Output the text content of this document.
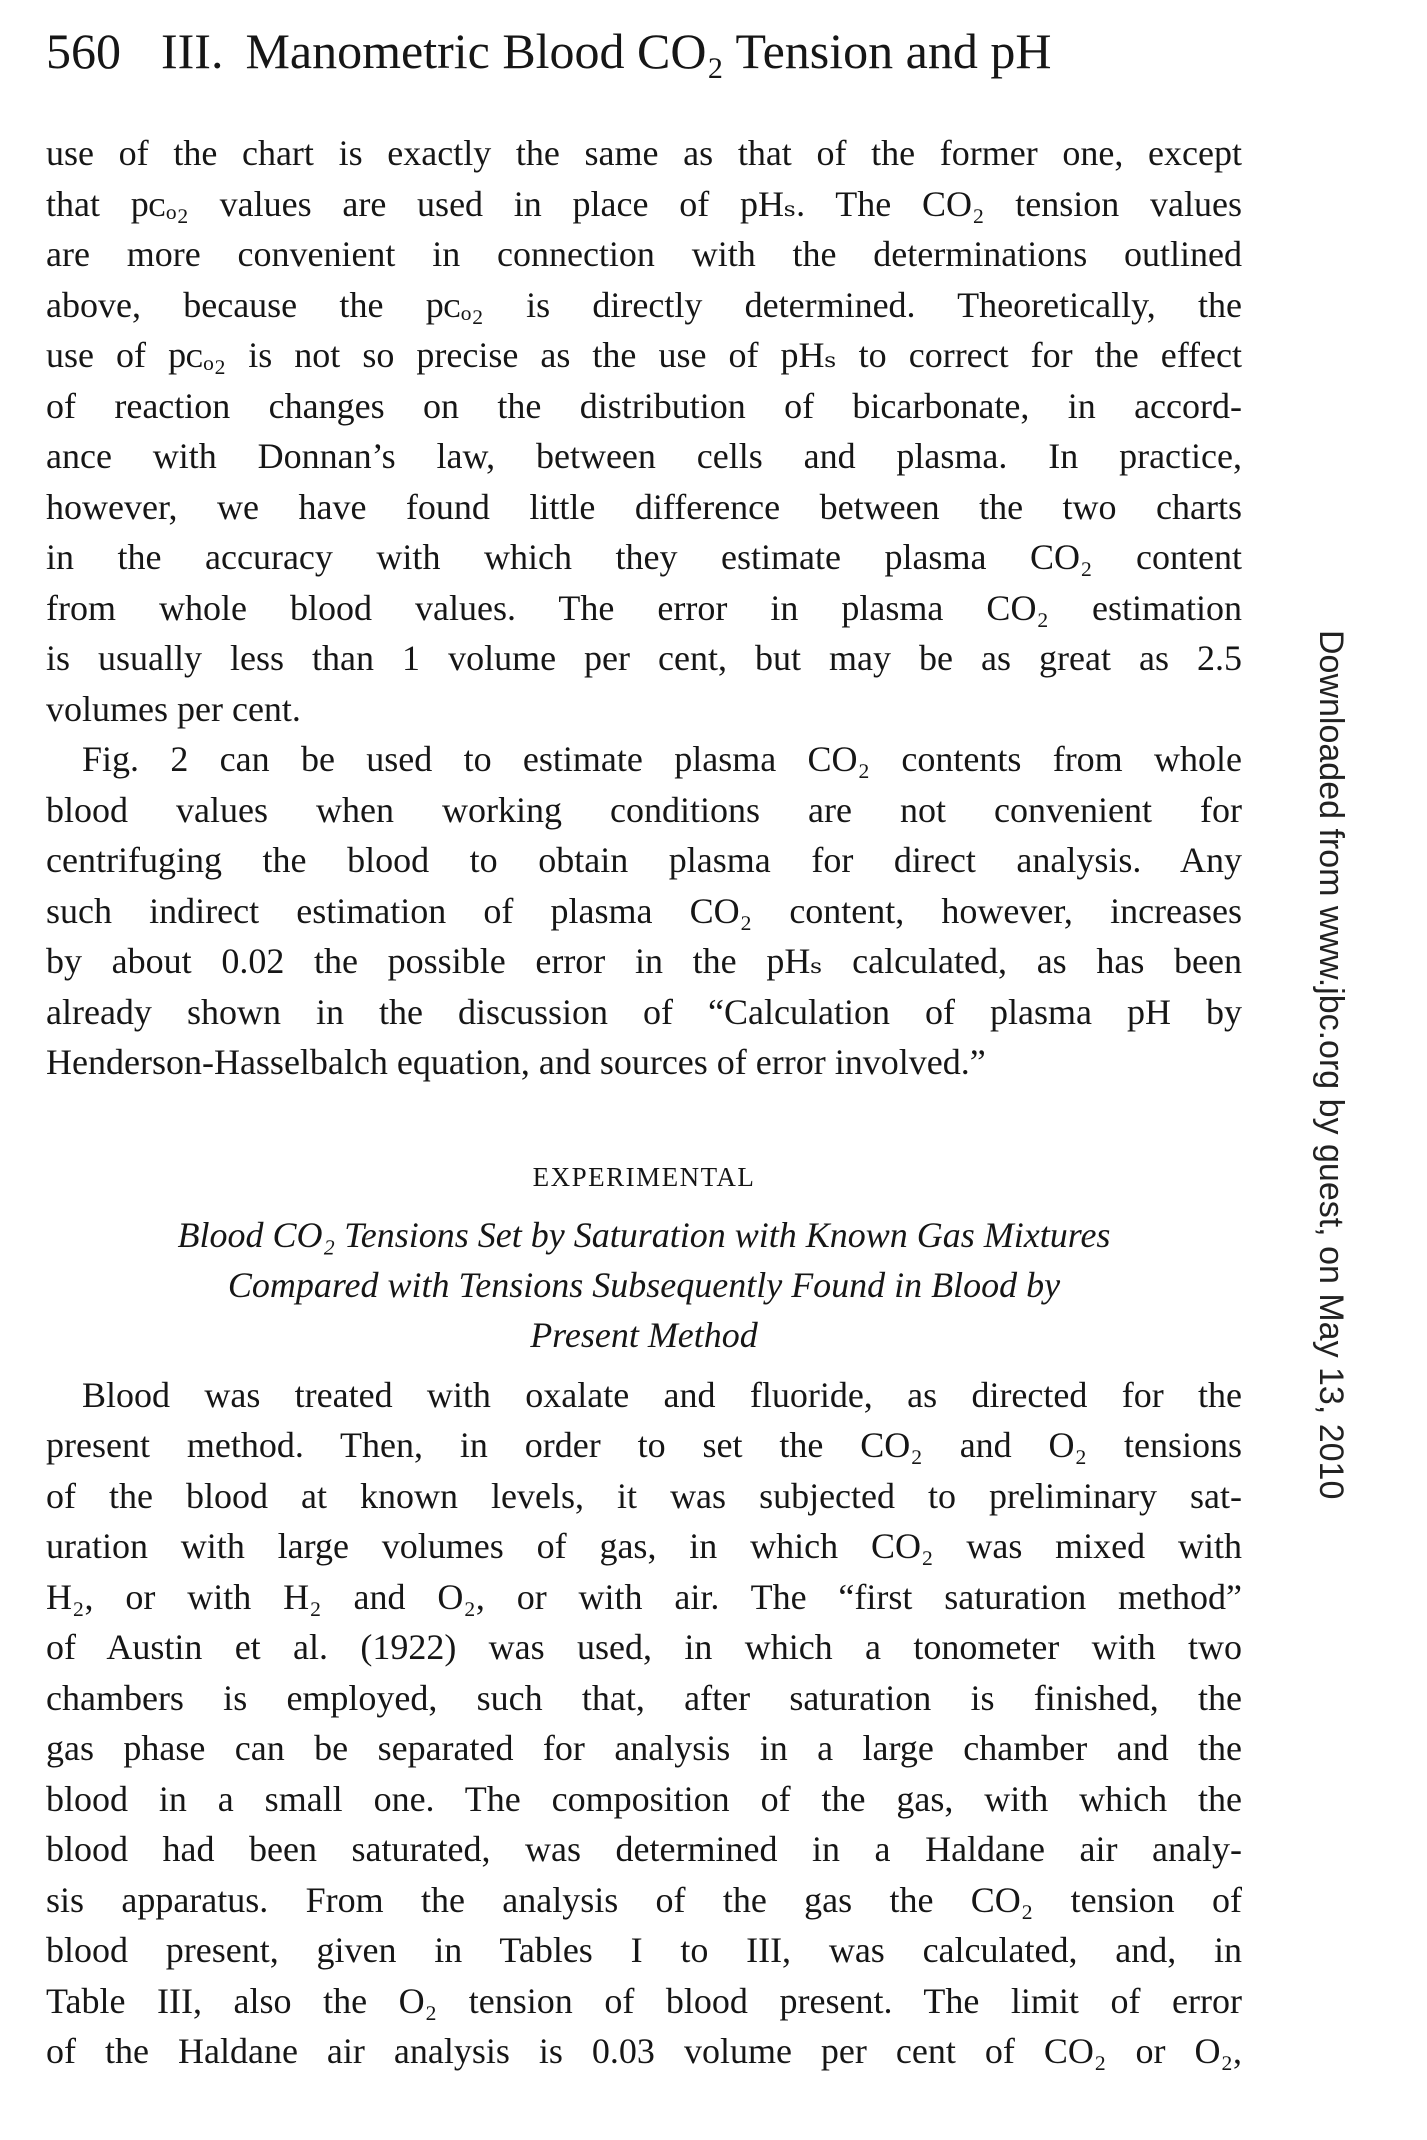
560 III. Manometric Blood CO₂ Tension and pH

use of the chart is exactly the same as that of the former one, except
that pᴄₒ₂ values are used in place of pHₛ. The CO₂ tension values
are more convenient in connection with the determinations outlined
above, because the pᴄₒ₂ is directly determined. Theoretically, the
use of pᴄₒ₂ is not so precise as the use of pHₛ to correct for the effect
of reaction changes on the distribution of bicarbonate, in accord-
ance with Donnan’s law, between cells and plasma. In practice,
however, we have found little difference between the two charts
in the accuracy with which they estimate plasma CO₂ content
from whole blood values. The error in plasma CO₂ estimation
is usually less than 1 volume per cent, but may be as great as 2.5
volumes per cent.

Fig. 2 can be used to estimate plasma CO₂ contents from whole
blood values when working conditions are not convenient for
centrifuging the blood to obtain plasma for direct analysis. Any
such indirect estimation of plasma CO₂ content, however, increases
by about 0.02 the possible error in the pHₛ calculated, as has been
already shown in the discussion of “Calculation of plasma pH by
Henderson-Hasselbalch equation, and sources of error involved.”

EXPERIMENTAL

Blood CO₂ Tensions Set by Saturation with Known Gas Mixtures
Compared with Tensions Subsequently Found in Blood by
Present Method

Blood was treated with oxalate and fluoride, as directed for the
present method. Then, in order to set the CO₂ and O₂ tensions
of the blood at known levels, it was subjected to preliminary sat-
uration with large volumes of gas, in which CO₂ was mixed with
H₂, or with H₂ and O₂, or with air. The “first saturation method”
of Austin et al. (1922) was used, in which a tonometer with two
chambers is employed, such that, after saturation is finished, the
gas phase can be separated for analysis in a large chamber and the
blood in a small one. The composition of the gas, with which the
blood had been saturated, was determined in a Haldane air analy-
sis apparatus. From the analysis of the gas the CO₂ tension of
blood present, given in Tables I to III, was calculated, and, in
Table III, also the O₂ tension of blood present. The limit of error
of the Haldane air analysis is 0.03 volume per cent of CO₂ or O₂,

Downloaded from www.jbc.org by guest, on May 13, 2010
